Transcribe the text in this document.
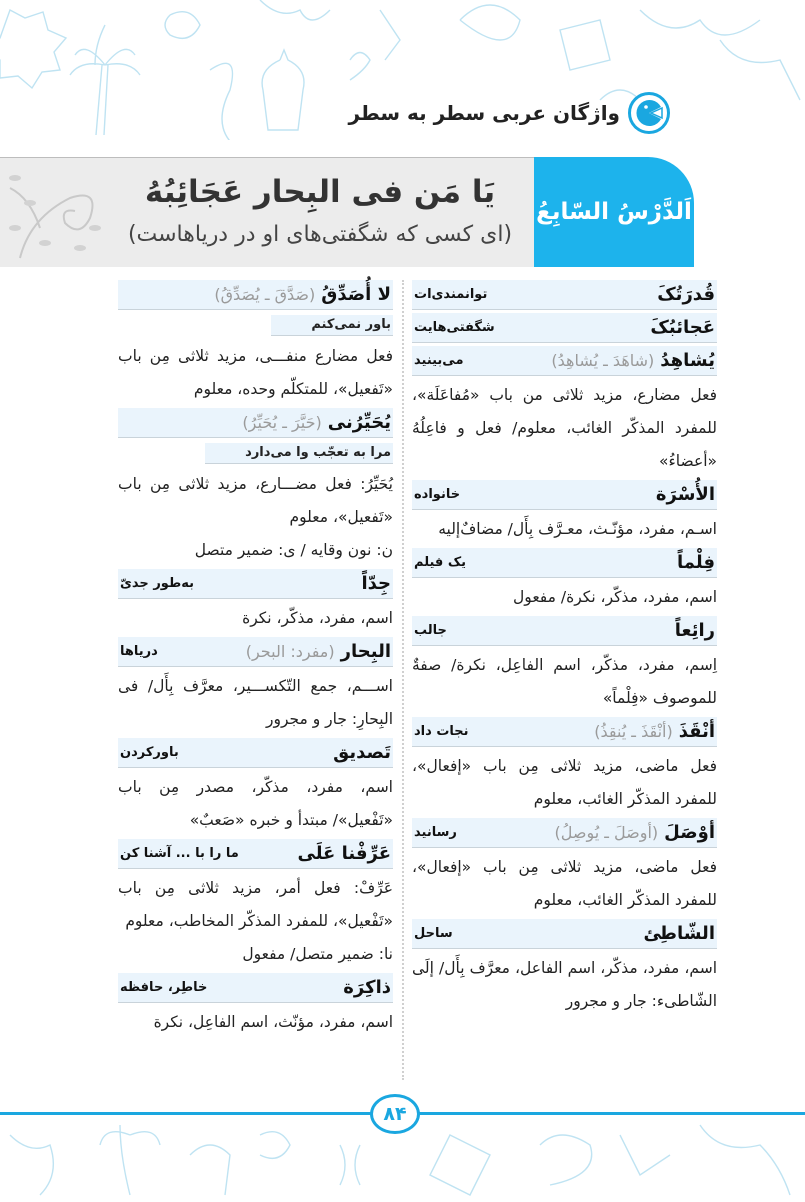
واژگان عربی سطر به سطر
یَا مَن فی البِحار عَجَائِبُهُ
(ای کسی که شگفتی‌های او در دریاهاست)
اَلدَّرْسُ السّابِعُ
قُدرَتُکَ
توانمندی‌ات
عَجائبُکَ
شگفتی‌هایت
یُشاهِدُ
(شاهَدَ ـ یُشاهِدُ)
می‌بینید
فعل مضارع، مزید ثلاثی من باب «مُفاعَلَة»، للمفرد المذکّر الغائب، معلوم/ فعل و فاعِلُهُ «أعضاءُ»
الأُسْرَة
خانواده
اسـم، مفرد، مؤنّـث، معـرَّف بِأَل/ مضافٌ‌إلیه
فِلْماً
یک فیلم
اسم، مفرد، مذکّر، نکرة/ مفعول
رائِعاً
جالب
اِسم، مفرد، مذکّر، اسم الفاعِل، نکرة/ صفةٌ للموصوف «فِلْماً»
أنْقَذَ
(أنْقَذَ ـ یُنقِذُ)
نجات داد
فعل ماضی، مزید ثلاثی مِن باب «إفعال»، للمفرد المذکّر الغائب، معلوم
أوْصَلَ
(أوصَلَ ـ یُوصِلُ)
رسانید
فعل ماضی، مزید ثلاثی مِن باب «إفعال»، للمفرد المذکّر الغائب، معلوم
الشّاطِئ
ساحل
اسم، مفرد، مذکّر، اسم الفاعل، معرَّف بِأَل/ إلَی الشّاطیء: جار و مجرور
لا أُصَدِّقُ
(صَدَّقَ ـ یُصَدِّقُ)
باور نمی‌کنم
فعل مضارع منفـــی، مزید ثلاثی مِن باب «تَفعیل»، للمتکلّم وحده، معلوم
یُحَیِّرُنی
(حَیَّرَ ـ یُحَیِّرُ)
مرا به تعجّب وا می‌دارد
یُحَیِّرُ: فعل مضـــارع، مزید ثلاثی مِن باب «تَفعیل»، معلوم
ن: نون وقایه / ی: ضمیر متصل
جِدّاً
به‌طور جدیّ
اسم، مفرد، مذکّر، نکرة
البِحار
(مفرد: البحر)
دریاها
اســـم، جمع التّکســـیر، معرَّف بِأَل/ فی البِحارِ: جار و مجرور
تَصدیق
باورکردن
اسم، مفرد، مذکّر، مصدر مِن باب «تَفْعیل»/ مبتدأ و خبره «صَعبٌ»
عَرِّفْنا عَلَی
ما را با ... آشنا کن
عَرِّفْ: فعل أمر، مزید ثلاثی مِن باب «تَفْعیل»، للمفرد المذکّر المخاطب، معلوم
نا: ضمیر متصل/ مفعول
ذاکِرَة
خاطِر، حافظه
اسم، مفرد، مؤنّث، اسم الفاعِل، نکرة
۸۴
